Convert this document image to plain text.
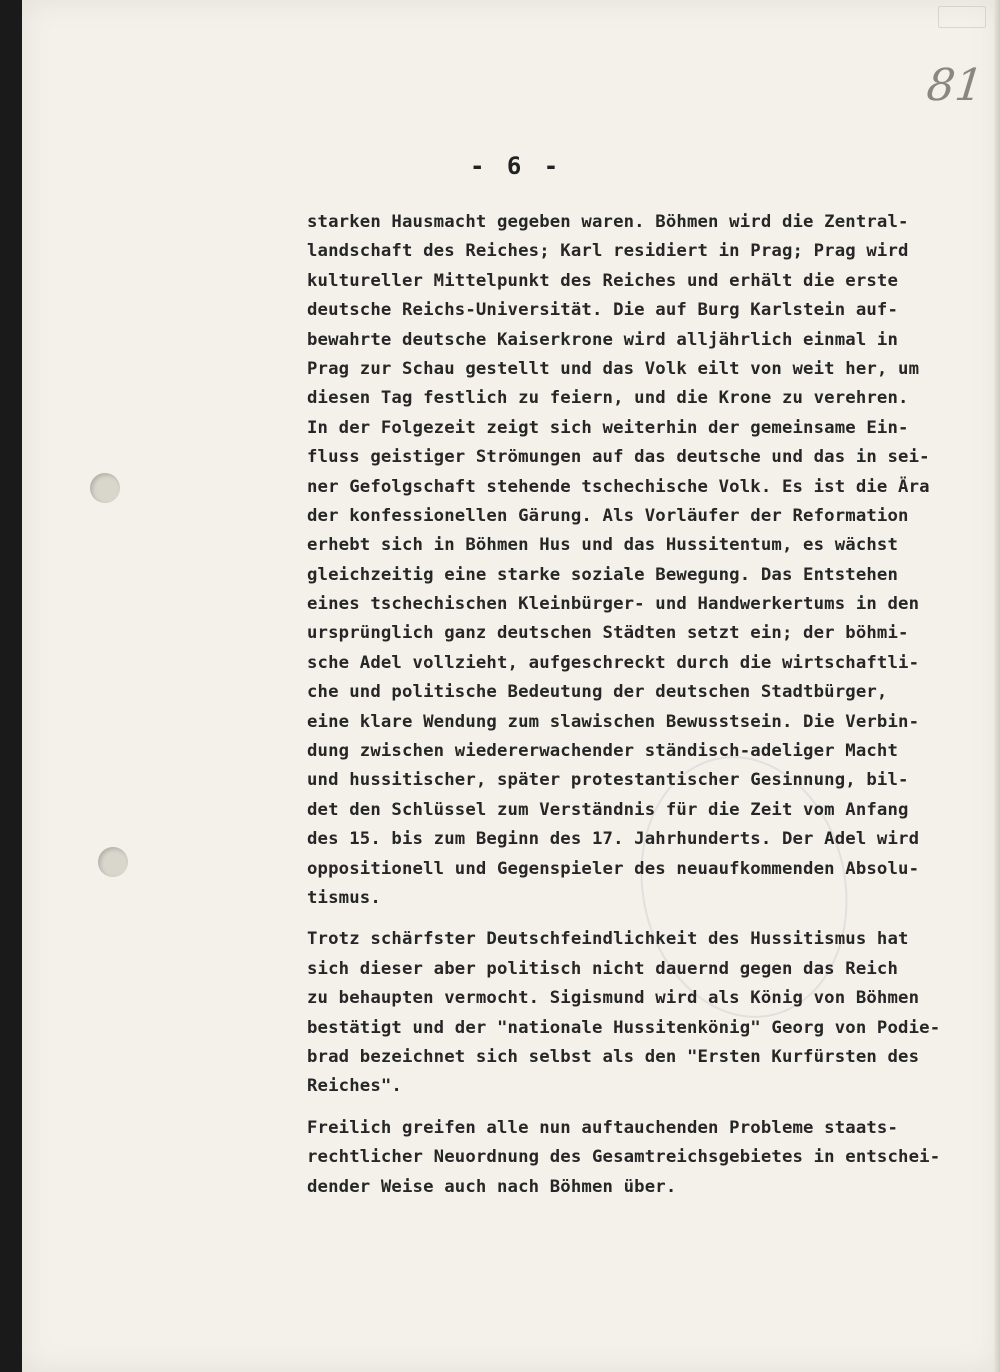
81
- 6 -
starken Hausmacht gegeben waren. Böhmen wird die Zentral-
landschaft des Reiches; Karl residiert in Prag; Prag wird
kultureller Mittelpunkt des Reiches und erhält die erste
deutsche Reichs-Universität. Die auf Burg Karlstein auf-
bewahrte deutsche Kaiserkrone wird alljährlich einmal in
Prag zur Schau gestellt und das Volk eilt von weit her, um
diesen Tag festlich zu feiern, und die Krone zu verehren.
In der Folgezeit zeigt sich weiterhin der gemeinsame Ein-
fluss geistiger Strömungen auf das deutsche und das in sei-
ner Gefolgschaft stehende tschechische Volk. Es ist die Ära
der konfessionellen Gärung. Als Vorläufer der Reformation
erhebt sich in Böhmen Hus und das Hussitentum, es wächst
gleichzeitig eine starke soziale Bewegung. Das Entstehen
eines tschechischen Kleinbürger- und Handwerkertums in den
ursprünglich ganz deutschen Städten setzt ein; der böhmi-
sche Adel vollzieht, aufgeschreckt durch die wirtschaftli-
che und politische Bedeutung der deutschen Stadtbürger,
eine klare Wendung zum slawischen Bewusstsein. Die Verbin-
dung zwischen wiedererwachender ständisch-adeliger Macht
und hussitischer, später protestantischer Gesinnung, bil-
det den Schlüssel zum Verständnis für die Zeit vom Anfang
des 15. bis zum Beginn des 17. Jahrhunderts. Der Adel wird
oppositionell und Gegenspieler des neuaufkommenden Absolu-
tismus.
Trotz schärfster Deutschfeindlichkeit des Hussitismus hat
sich dieser aber politisch nicht dauernd gegen das Reich
zu behaupten vermocht. Sigismund wird als König von Böhmen
bestätigt und der "nationale Hussitenkönig" Georg von Podie-
brad bezeichnet sich selbst als den "Ersten Kurfürsten des
Reiches".
Freilich greifen alle nun auftauchenden Probleme staats-
rechtlicher Neuordnung des Gesamtreichsgebietes in entschei-
dender Weise auch nach Böhmen über.
